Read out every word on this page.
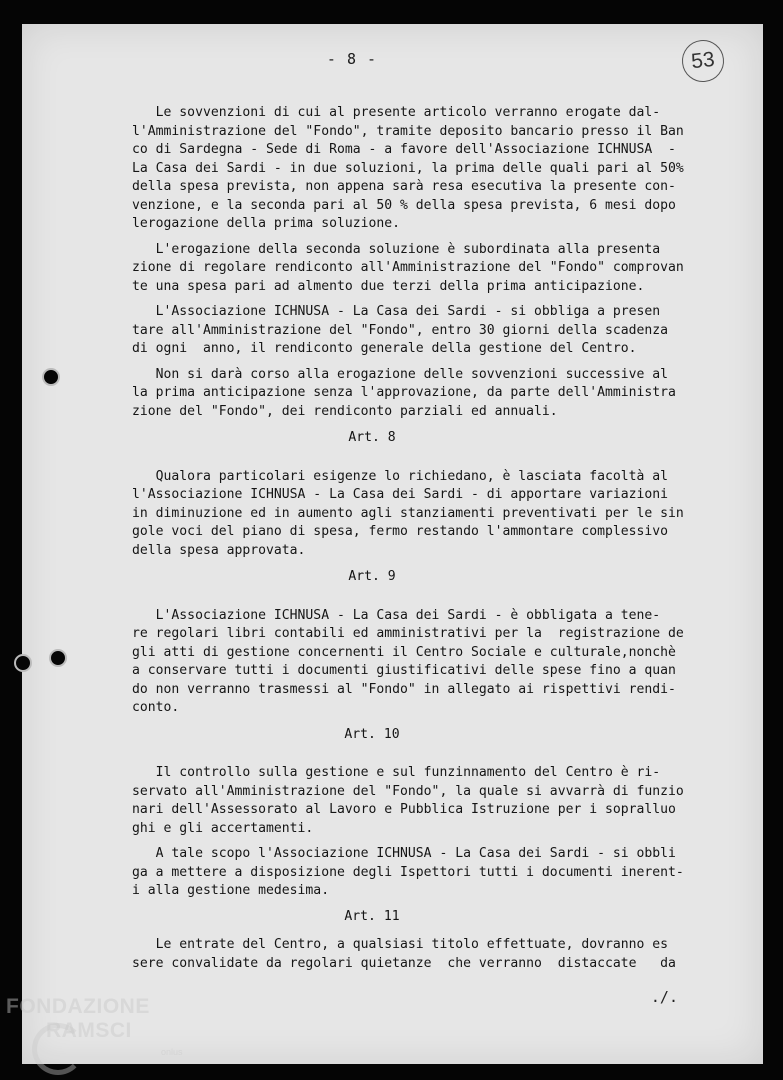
- 8 -	53

Le sovvenzioni di cui al presente articolo verranno erogate dal-
l'Amministrazione del "Fondo", tramite deposito bancario presso il Ban
co di Sardegna - Sede di Roma - a favore dell'Associazione ICHNUSA  -
La Casa dei Sardi - in due soluzioni, la prima delle quali pari al 50%
della spesa prevista, non appena sarà resa esecutiva la presente con-
venzione, e la seconda pari al 50 % della spesa prevista, 6 mesi dopo
lerogazione della prima soluzione.

L'erogazione della seconda soluzione è subordinata alla presenta
zione di regolare rendiconto all'Amministrazione del "Fondo" comprovan
te una spesa pari ad almento due terzi della prima anticipazione.

L'Associazione ICHNUSA - La Casa dei Sardi - si obbliga a presen
tare all'Amministrazione del "Fondo", entro 30 giorni della scadenza
di ogni  anno, il rendiconto generale della gestione del Centro.

Non si darà corso alla erogazione delle sovvenzioni successive al
la prima anticipazione senza l'approvazione, da parte dell'Amministra
zione del "Fondo", dei rendiconto parziali ed annuali.

Art. 8

Qualora particolari esigenze lo richiedano, è lasciata facoltà al
l'Associazione ICHNUSA - La Casa dei Sardi - di apportare variazioni
in diminuzione ed in aumento agli stanziamenti preventivati per le sin
gole voci del piano di spesa, fermo restando l'ammontare complessivo
della spesa approvata.

Art. 9

L'Associazione ICHNUSA - La Casa dei Sardi - è obbligata a tene-
re regolari libri contabili ed amministrativi per la  registrazione de
gli atti di gestione concernenti il Centro Sociale e culturale,nonchè
a conservare tutti i documenti giustificativi delle spese fino a quan
do non verranno trasmessi al "Fondo" in allegato ai rispettivi rendi-
conto.

Art. 10

Il controllo sulla gestione e sul funzinnamento del Centro è ri-
servato all'Amministrazione del "Fondo", la quale si avvarrà di funzio
nari dell'Assessorato al Lavoro e Pubblica Istruzione per i sopralluo
ghi e gli accertamenti.

A tale scopo l'Associazione ICHNUSA - La Casa dei Sardi - si obbli
ga a mettere a disposizione degli Ispettori tutti i documenti inerent-
i alla gestione medesima.

Art. 11

Le entrate del Centro, a qualsiasi titolo effettuate, dovranno es
sere convalidate da regolari quietanze  che verranno  distaccate   da

./.
FONDAZIONE
RAMSCI
onlus
